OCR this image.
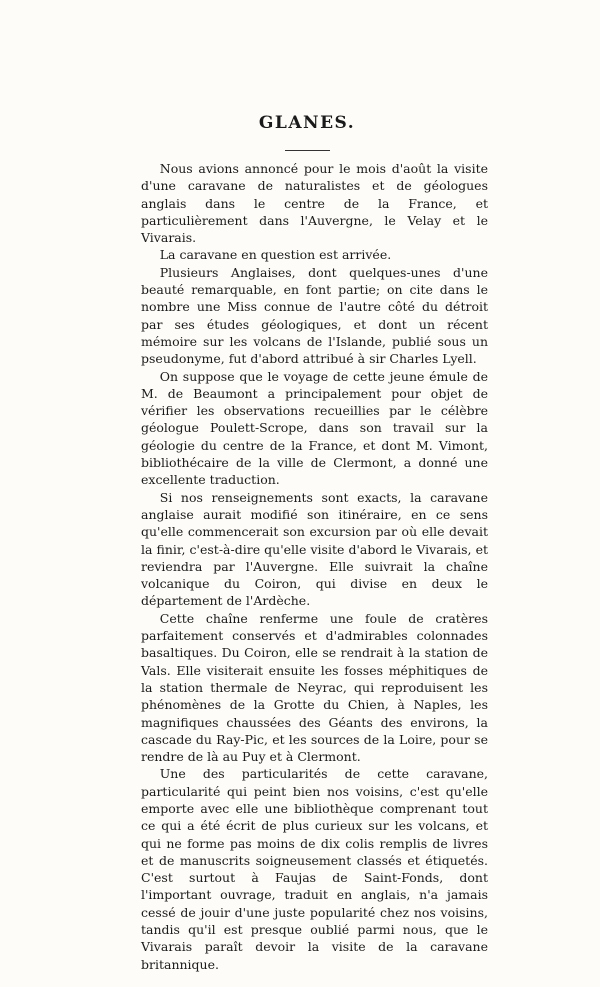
GLANES.

Nous avions annoncé pour le mois d'août la visite d'une caravane de naturalistes et de géologues anglais dans le centre de la France, et particulièrement dans l'Auvergne, le Velay et le Vivarais.

La caravane en question est arrivée.

Plusieurs Anglaises, dont quelques-unes d'une beauté remarquable, en font partie; on cite dans le nombre une Miss connue de l'autre côté du détroit par ses études géologiques, et dont un récent mémoire sur les volcans de l'Islande, publié sous un pseudonyme, fut d'abord attribué à sir Charles Lyell.

On suppose que le voyage de cette jeune émule de M. de Beaumont a principalement pour objet de vérifier les observations recueillies par le célèbre géologue Poulett-Scrope, dans son travail sur la géologie du centre de la France, et dont M. Vimont, bibliothécaire de la ville de Clermont, a donné une excellente traduction.

Si nos renseignements sont exacts, la caravane anglaise aurait modifié son itinéraire, en ce sens qu'elle commencerait son excursion par où elle devait la finir, c'est-à-dire qu'elle visite d'abord le Vivarais, et reviendra par l'Auvergne. Elle suivrait la chaîne volcanique du Coiron, qui divise en deux le département de l'Ardèche.

Cette chaîne renferme une foule de cratères parfaitement conservés et d'admirables colonnades basaltiques. Du Coiron, elle se rendrait à la station de Vals. Elle visiterait ensuite les fosses méphitiques de la station thermale de Neyrac, qui reproduisent les phénomènes de la Grotte du Chien, à Naples, les magnifiques chaussées des Géants des environs, la cascade du Ray-Pic, et les sources de la Loire, pour se rendre de là au Puy et à Clermont.

Une des particularités de cette caravane, particularité qui peint bien nos voisins, c'est qu'elle emporte avec elle une bibliothèque comprenant tout ce qui a été écrit de plus curieux sur les volcans, et qui ne forme pas moins de dix colis remplis de livres et de manuscrits soigneusement classés et étiquetés. C'est surtout à Faujas de Saint-Fonds, dont l'important ouvrage, traduit en anglais, n'a jamais cessé de jouir d'une juste popularité chez nos voisins, tandis qu'il est presque oublié parmi nous, que le Vivarais paraît devoir la visite de la caravane britannique.
